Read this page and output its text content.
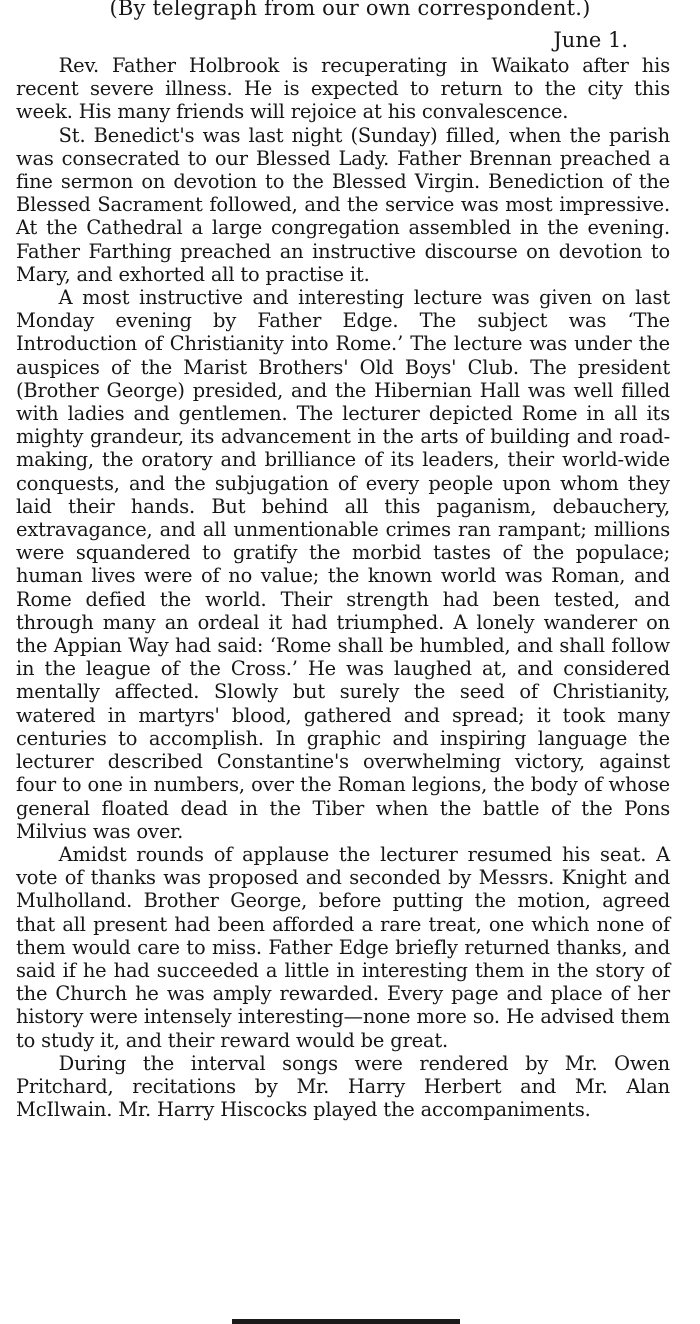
(By telegraph from our own correspondent.)
June 1.

Rev. Father Holbrook is recuperating in Waikato after his recent severe illness. He is expected to return to the city this week. His many friends will rejoice at his convalescence.

St. Benedict's was last night (Sunday) filled, when the parish was consecrated to our Blessed Lady. Father Brennan preached a fine sermon on devotion to the Blessed Virgin. Benediction of the Blessed Sacrament followed, and the service was most impressive. At the Cathedral a large congregation assembled in the evening. Father Farthing preached an instructive discourse on devotion to Mary, and exhorted all to practise it.

A most instructive and interesting lecture was given on last Monday evening by Father Edge. The subject was ‘The Introduction of Christianity into Rome.’ The lecture was under the auspices of the Marist Brothers' Old Boys' Club. The president (Brother George) presided, and the Hibernian Hall was well filled with ladies and gentlemen. The lecturer depicted Rome in all its mighty grandeur, its advancement in the arts of building and road-making, the oratory and brilliance of its leaders, their world-wide conquests, and the subjugation of every people upon whom they laid their hands. But behind all this paganism, debauchery, extravagance, and all unmentionable crimes ran rampant; millions were squandered to gratify the morbid tastes of the populace; human lives were of no value; the known world was Roman, and Rome defied the world. Their strength had been tested, and through many an ordeal it had triumphed. A lonely wanderer on the Appian Way had said: ‘Rome shall be humbled, and shall follow in the league of the Cross.’ He was laughed at, and considered mentally affected. Slowly but surely the seed of Christianity, watered in martyrs' blood, gathered and spread; it took many centuries to accomplish. In graphic and inspiring language the lecturer described Constantine's overwhelming victory, against four to one in numbers, over the Roman legions, the body of whose general floated dead in the Tiber when the battle of the Pons Milvius was over.

Amidst rounds of applause the lecturer resumed his seat. A vote of thanks was proposed and seconded by Messrs. Knight and Mulholland. Brother George, before putting the motion, agreed that all present had been afforded a rare treat, one which none of them would care to miss. Father Edge briefly returned thanks, and said if he had succeeded a little in interesting them in the story of the Church he was amply rewarded. Every page and place of her history were intensely interesting—none more so. He advised them to study it, and their reward would be great.

During the interval songs were rendered by Mr. Owen Pritchard, recitations by Mr. Harry Herbert and Mr. Alan McIlwain. Mr. Harry Hiscocks played the accompaniments.
